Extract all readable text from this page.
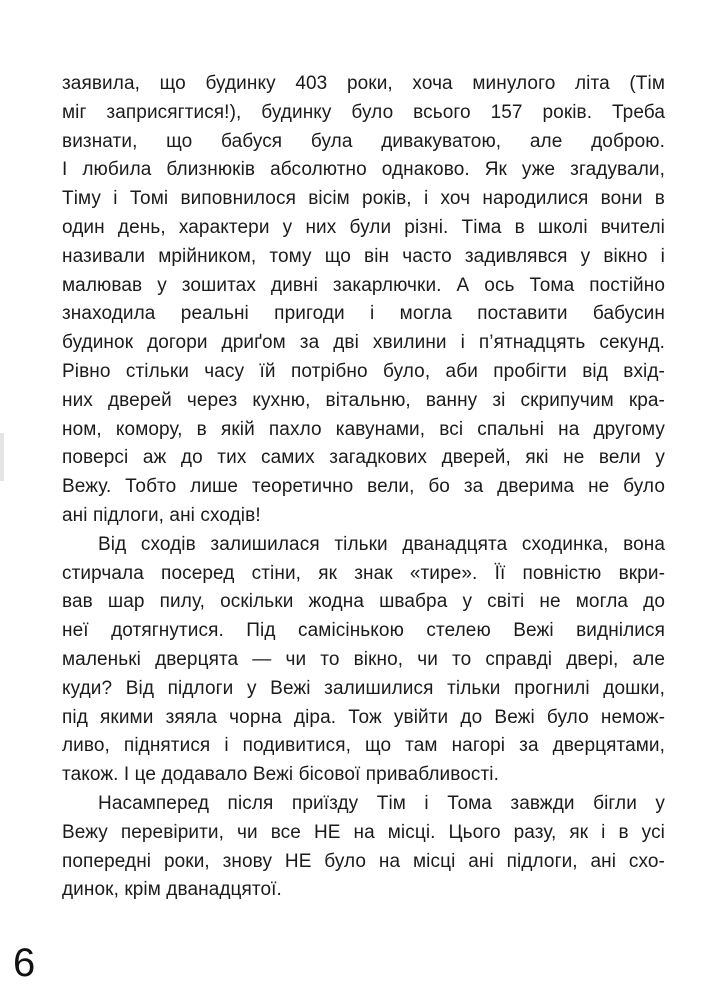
заявила, що будинку 403 роки, хоча минулого літа (Тім
міг заприсягтися!), будинку було всього 157 років. Треба
визнати, що бабуся була дивакуватою, але доброю.
І любила близнюків абсолютно однаково. Як уже згадували,
Тіму і Томі виповнилося вісім років, і хоч народилися вони в
один день, характери у них були різні. Тіма в школі вчителі
називали мрійником, тому що він часто задивлявся у вікно і
малював у зошитах дивні закарлючки. А ось Тома постійно
знаходила реальні пригоди і могла поставити бабусин
будинок догори дриґом за дві хвилини і п’ятнадцять секунд.
Рівно стільки часу їй потрібно було, аби пробігти від вхід-
них дверей через кухню, вітальню, ванну зі скрипучим кра-
ном, комору, в якій пахло кавунами, всі спальні на другому
поверсі аж до тих самих загадкових дверей, які не вели у
Вежу. Тобто лише теоретично вели, бо за дверима не було
ані підлоги, ані сходів!
Від сходів залишилася тільки дванадцята сходинка, вона
стирчала посеред стіни, як знак «тире». Її повністю вкри-
вав шар пилу, оскільки жодна швабра у світі не могла до
неї дотягнутися. Під самісінькою стелею Вежі виднілися
маленькі дверцята — чи то вікно, чи то справді двері, але
куди? Від підлоги у Вежі залишилися тільки прогнилі дошки,
під якими зяяла чорна діра. Тож увійти до Вежі було немож-
ливо, піднятися і подивитися, що там нагорі за дверцятами,
також. І це додавало Вежі бісової привабливості.
Насамперед після приїзду Тім і Тома завжди бігли у
Вежу перевірити, чи все НЕ на місці. Цього разу, як і в усі
попередні роки, знову НЕ було на місці ані підлоги, ані схо-
динок, крім дванадцятої.
6
